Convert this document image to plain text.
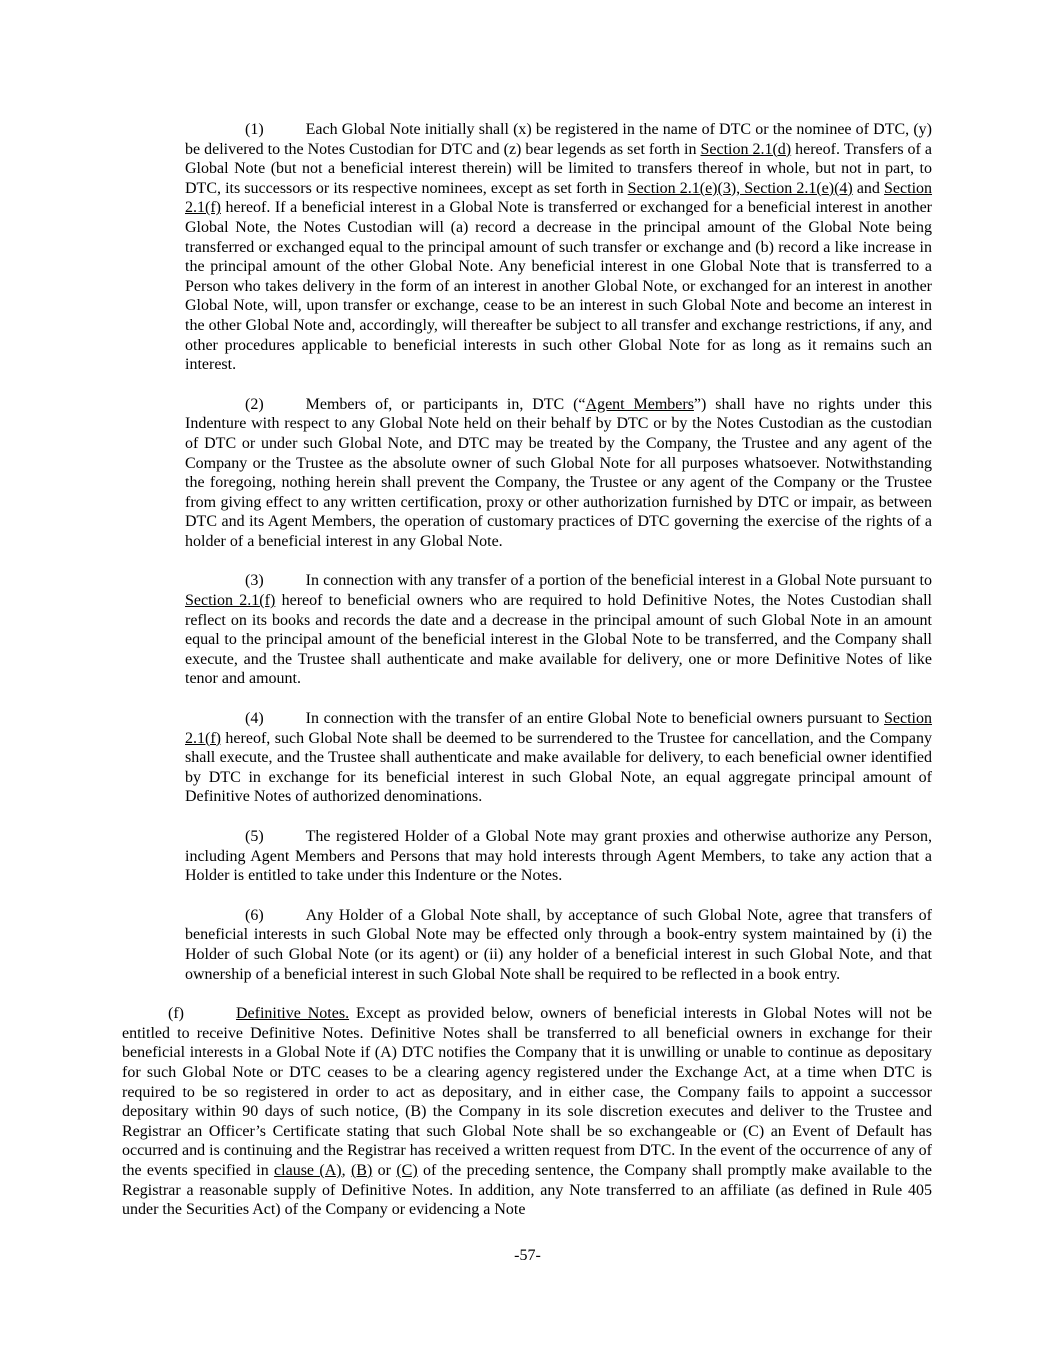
(1)	Each Global Note initially shall (x) be registered in the name of DTC or the nominee of DTC, (y) be delivered to the Notes Custodian for DTC and (z) bear legends as set forth in Section 2.1(d) hereof. Transfers of a Global Note (but not a beneficial interest therein) will be limited to transfers thereof in whole, but not in part, to DTC, its successors or its respective nominees, except as set forth in Section 2.1(e)(3), Section 2.1(e)(4) and Section 2.1(f) hereof. If a beneficial interest in a Global Note is transferred or exchanged for a beneficial interest in another Global Note, the Notes Custodian will (a) record a decrease in the principal amount of the Global Note being transferred or exchanged equal to the principal amount of such transfer or exchange and (b) record a like increase in the principal amount of the other Global Note. Any beneficial interest in one Global Note that is transferred to a Person who takes delivery in the form of an interest in another Global Note, or exchanged for an interest in another Global Note, will, upon transfer or exchange, cease to be an interest in such Global Note and become an interest in the other Global Note and, accordingly, will thereafter be subject to all transfer and exchange restrictions, if any, and other procedures applicable to beneficial interests in such other Global Note for as long as it remains such an interest.

(2)	Members of, or participants in, DTC (“Agent Members”) shall have no rights under this Indenture with respect to any Global Note held on their behalf by DTC or by the Notes Custodian as the custodian of DTC or under such Global Note, and DTC may be treated by the Company, the Trustee and any agent of the Company or the Trustee as the absolute owner of such Global Note for all purposes whatsoever. Notwithstanding the foregoing, nothing herein shall prevent the Company, the Trustee or any agent of the Company or the Trustee from giving effect to any written certification, proxy or other authorization furnished by DTC or impair, as between DTC and its Agent Members, the operation of customary practices of DTC governing the exercise of the rights of a holder of a beneficial interest in any Global Note.

(3)	In connection with any transfer of a portion of the beneficial interest in a Global Note pursuant to Section 2.1(f) hereof to beneficial owners who are required to hold Definitive Notes, the Notes Custodian shall reflect on its books and records the date and a decrease in the principal amount of such Global Note in an amount equal to the principal amount of the beneficial interest in the Global Note to be transferred, and the Company shall execute, and the Trustee shall authenticate and make available for delivery, one or more Definitive Notes of like tenor and amount.

(4)	In connection with the transfer of an entire Global Note to beneficial owners pursuant to Section 2.1(f) hereof, such Global Note shall be deemed to be surrendered to the Trustee for cancellation, and the Company shall execute, and the Trustee shall authenticate and make available for delivery, to each beneficial owner identified by DTC in exchange for its beneficial interest in such Global Note, an equal aggregate principal amount of Definitive Notes of authorized denominations.

(5)	The registered Holder of a Global Note may grant proxies and otherwise authorize any Person, including Agent Members and Persons that may hold interests through Agent Members, to take any action that a Holder is entitled to take under this Indenture or the Notes.

(6)	Any Holder of a Global Note shall, by acceptance of such Global Note, agree that transfers of beneficial interests in such Global Note may be effected only through a book-entry system maintained by (i) the Holder of such Global Note (or its agent) or (ii) any holder of a beneficial interest in such Global Note, and that ownership of a beneficial interest in such Global Note shall be required to be reflected in a book entry.

(f)	Definitive Notes. Except as provided below, owners of beneficial interests in Global Notes will not be entitled to receive Definitive Notes. Definitive Notes shall be transferred to all beneficial owners in exchange for their beneficial interests in a Global Note if (A) DTC notifies the Company that it is unwilling or unable to continue as depositary for such Global Note or DTC ceases to be a clearing agency registered under the Exchange Act, at a time when DTC is required to be so registered in order to act as depositary, and in either case, the Company fails to appoint a successor depositary within 90 days of such notice, (B) the Company in its sole discretion executes and deliver to the Trustee and Registrar an Officer’s Certificate stating that such Global Note shall be so exchangeable or (C) an Event of Default has occurred and is continuing and the Registrar has received a written request from DTC. In the event of the occurrence of any of the events specified in clause (A), (B) or (C) of the preceding sentence, the Company shall promptly make available to the Registrar a reasonable supply of Definitive Notes. In addition, any Note transferred to an affiliate (as defined in Rule 405 under the Securities Act) of the Company or evidencing a Note

-57-
